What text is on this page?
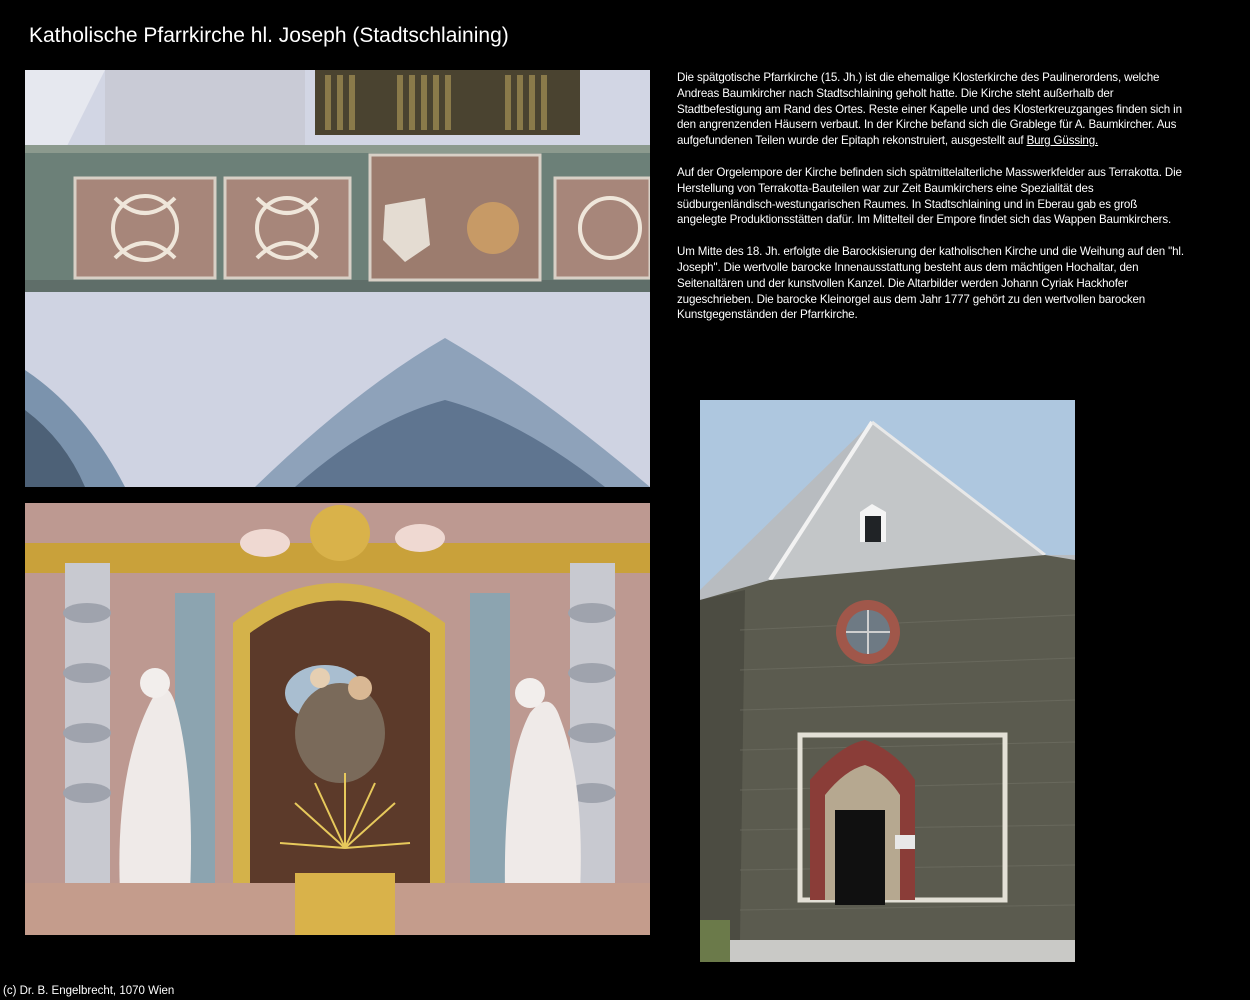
Katholische Pfarrkirche hl. Joseph (Stadtschlaining)

Die spätgotische Pfarrkirche (15. Jh.) ist die ehemalige Klosterkirche des Paulinerordens, welche Andreas Baumkircher nach Stadtschlaining geholt hatte. Die Kirche steht außerhalb der Stadtbefestigung am Rand des Ortes. Reste einer Kapelle und des Klosterkreuzganges finden sich in den angrenzenden Häusern verbaut. In der Kirche befand sich die Grablege für A. Baumkircher. Aus aufgefundenen Teilen wurde der Epitaph rekonstruiert, ausgestellt auf Burg Güssing.

Auf der Orgelempore der Kirche befinden sich spätmittelalterliche Masswerkfelder aus Terrakotta. Die Herstellung von Terrakotta-Bauteilen war zur Zeit Baumkirchers eine Spezialität des südburgenländisch-westungarischen Raumes. In Stadtschlaining und in Eberau gab es groß angelegte Produktionsstätten dafür. Im Mittelteil der Empore findet sich das Wappen Baumkirchers.

Um Mitte des 18. Jh. erfolgte die Barockisierung der katholischen Kirche und die Weihung auf den "hl. Joseph". Die wertvolle barocke Innenausstattung besteht aus dem mächtigen Hochaltar, den Seitenaltären und der kunstvollen Kanzel. Die Altarbilder werden Johann Cyriak Hackhofer zugeschrieben. Die barocke Kleinorgel aus dem Jahr 1777 gehört zu den wertvollen barocken Kunstgegenständen der Pfarrkirche.

(c) Dr. B. Engelbrecht, 1070 Wien
